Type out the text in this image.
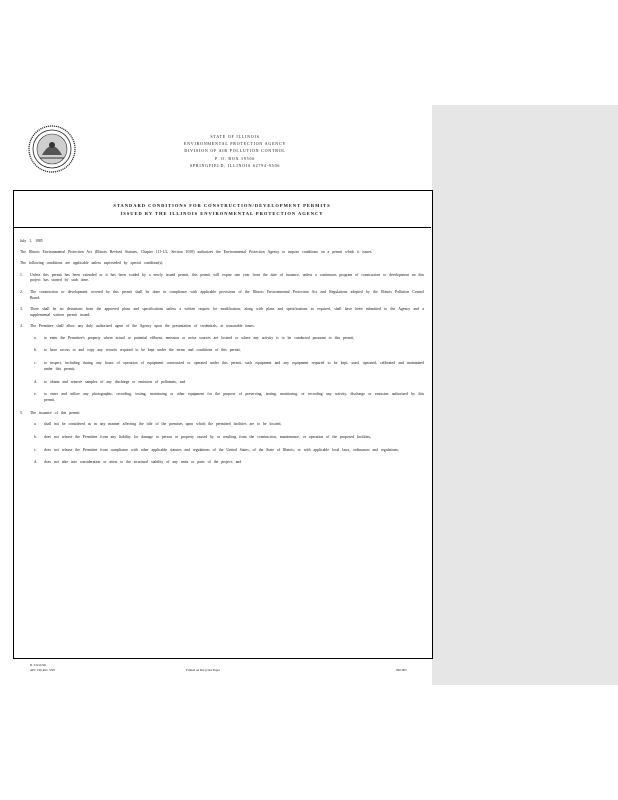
STATE OF ILLINOIS
ENVIRONMENTAL PROTECTION AGENCY
DIVISION OF AIR POLLUTION CONTROL
P. O. BOX 19506
SPRINGFIELD, ILLINOIS 62794-9506
STANDARD CONDITIONS FOR CONSTRUCTION/DEVELOPMENT PERMITS
ISSUED BY THE ILLINOIS ENVIRONMENTAL PROTECTION AGENCY

July 1, 1985

The Illinois Environmental Protection Act (Illinois Revised Statutes, Chapter 111-1/2, Section 1039) authorizes the Environmental Protection Agency to impose conditions on a permit which it issues.

The following conditions are applicable unless superseded by special condition(s).

1.	Unless this permit has been extended or it has been voided by a newly issued permit, this permit will expire one year from the date of issuance, unless a continuous program of construction or development on this project has started by such time.
2.	The construction or development covered by this permit shall be done in compliance with applicable provisions of the Illinois Environmental Protection Act and Regulations adopted by the Illinois Pollution Control Board.
3.	There shall be no deviations from the approved plans and specifications unless a written request for modification, along with plans and specifications as required, shall have been submitted to the Agency and a supplemental written permit issued.
4.	The Permittee shall allow any duly authorized agent of the Agency upon the presentation of credentials, at reasonable times:
a.	to enter the Permittee's property where actual or potential effluent, emission or noise sources are located or where any activity is to be conducted pursuant to this permit,
b.	to have access to and copy any records required to be kept under the terms and conditions of this permit,
c.	to inspect, including during any hours of operation of equipment constructed or operated under this permit, such equipment and any equipment required to be kept, used, operated, calibrated and maintained under this permit,
d.	to obtain and remove samples of any discharge or emission of pollutants, and
e.	to enter and utilize any photographic, recording, testing, monitoring or other equipment for the purpose of preserving, testing, monitoring, or recording any activity, discharge or emission authorized by this permit.
5.	The issuance of this permit:
a.	shall not be considered as in any manner affecting the title of the premises upon which the permitted facilities are to be located,
b.	does not release the Permittee from any liability for damage to person or property caused by or resulting from the construction, maintenance, or operation of the proposed facilities,
c.	does not release the Permittee from compliance with other applicable statutes and regulations of the United States, of the State of Illinois, or with applicable local laws, ordinances and regulations,
d.	does not take into consideration or attest to the structural stability of any units or parts of the project, and
IL 532-0226
APC 166 Rev. 5/99	Printed on Recycled Paper	090-005
